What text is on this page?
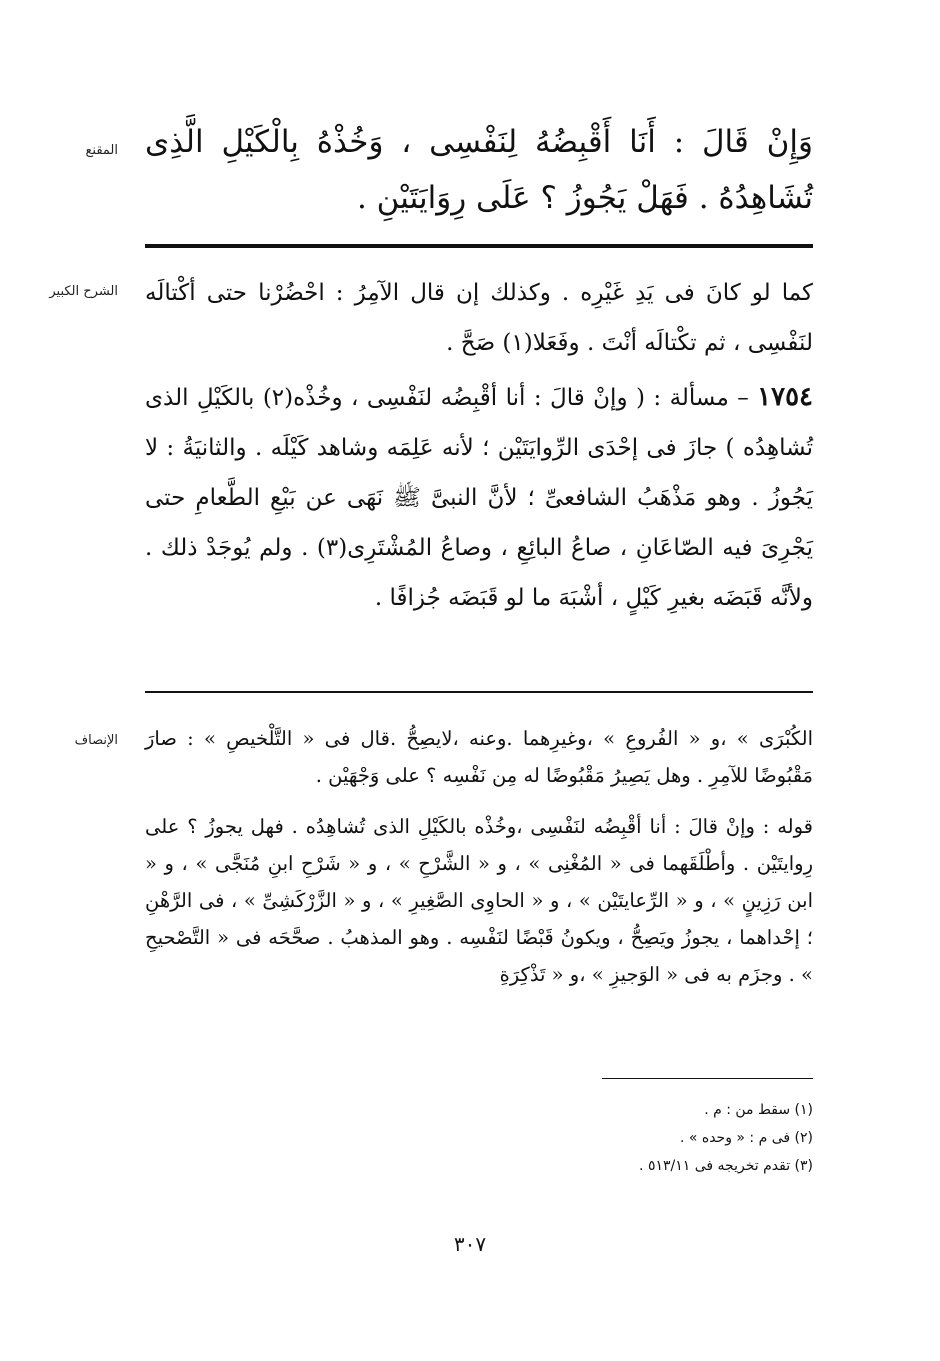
المقنع وَإِنْ قَالَ : أَنَا أَقْبِضُهُ لِنَفْسِى ، وَخُذْهُ بِالْكَيْلِ الَّذِى تُشَاهِدُهُ . فَهَلْ يَجُوزُ ؟ عَلَى رِوَايَتَيْنِ .
الشرح الكبير كما لو كانَ فى يَدِ غَيْرِه . وكذلك إن قال الآمِرُ : احْضُرْنا حتى أكْتالَه لنَفْسِى ، ثم تكْتالَه أنْتَ . وفَعَلا(١) صَحَّ .

١٧٥٤ – مسألة : ( وإنْ قالَ : أنا أقْبِضُه لنَفْسِى ، وخُذْه(٢) بالكَيْلِ الذى تُشاهِدُه ) جازَ فى إحْدَى الرِّوايَتَيْن ؛ لأنه عَلِمَه وشاهد كَيْلَه . والثانيَةُ : لا يَجُوزُ . وهو مَذْهَبُ الشافعىِّ ؛ لأنَّ النبىَّ ﷺ نَهَى عن بَيْعِ الطَّعامِ حتى يَجْرِىَ فيه الصّاعَانِ ، صاعُ البائِعِ ، وصاعُ المُشْتَرِى(٣) . ولم يُوجَدْ ذلك . ولأنَّه قَبَضَه بغيرِ كَيْلٍ ، أشْبَهَ ما لو قَبَضَه جُزافًا .

الإنصاف الكُبْرَى » ،و « الفُروعِ » ،وغيرِهما .وعنه ،لايصِحُّ .قال فى « التَّلْخيصِ » : صارَ مَقْبُوضًا للآمِرِ . وهل يَصِيرُ مَقْبُوضًا له مِن نَفْسِه ؟ على وَجْهَيْن .

قوله : وإنْ قالَ : أنا أقْبِضُه لنَفْسِى ،وخُذْه بالكَيْلِ الذى تُشاهِدُه . فهل يجوزُ ؟ على رِوايتَيْن . وأطْلَقَهما فى « المُغْنِى » ، و « الشَّرْحِ » ، و « شَرْحِ ابنِ مُنَجَّى » ، و « ابن رَزِينٍ » ، و « الرِّعايتَيْن » ، و « الحاوِى الصَّغِيرِ » ، و « الزَّرْكَشِىِّ » ، فى الرَّهْنِ ؛ إحْداهما ، يجوزُ ويَصِحُّ ، ويكونُ قَبْضًا لنَفْسِه . وهو المذهبُ . صحَّحَه فى « التَّصْحيحِ » . وجزَم به فى « الوَجيزِ » ،و « تَذْكِرَةِ

(١) سقط من : م .
(٢) فى م : « وحده » .
(٣) تقدم تخريجه فى ٥١٣/١١ .
٣٠٧
